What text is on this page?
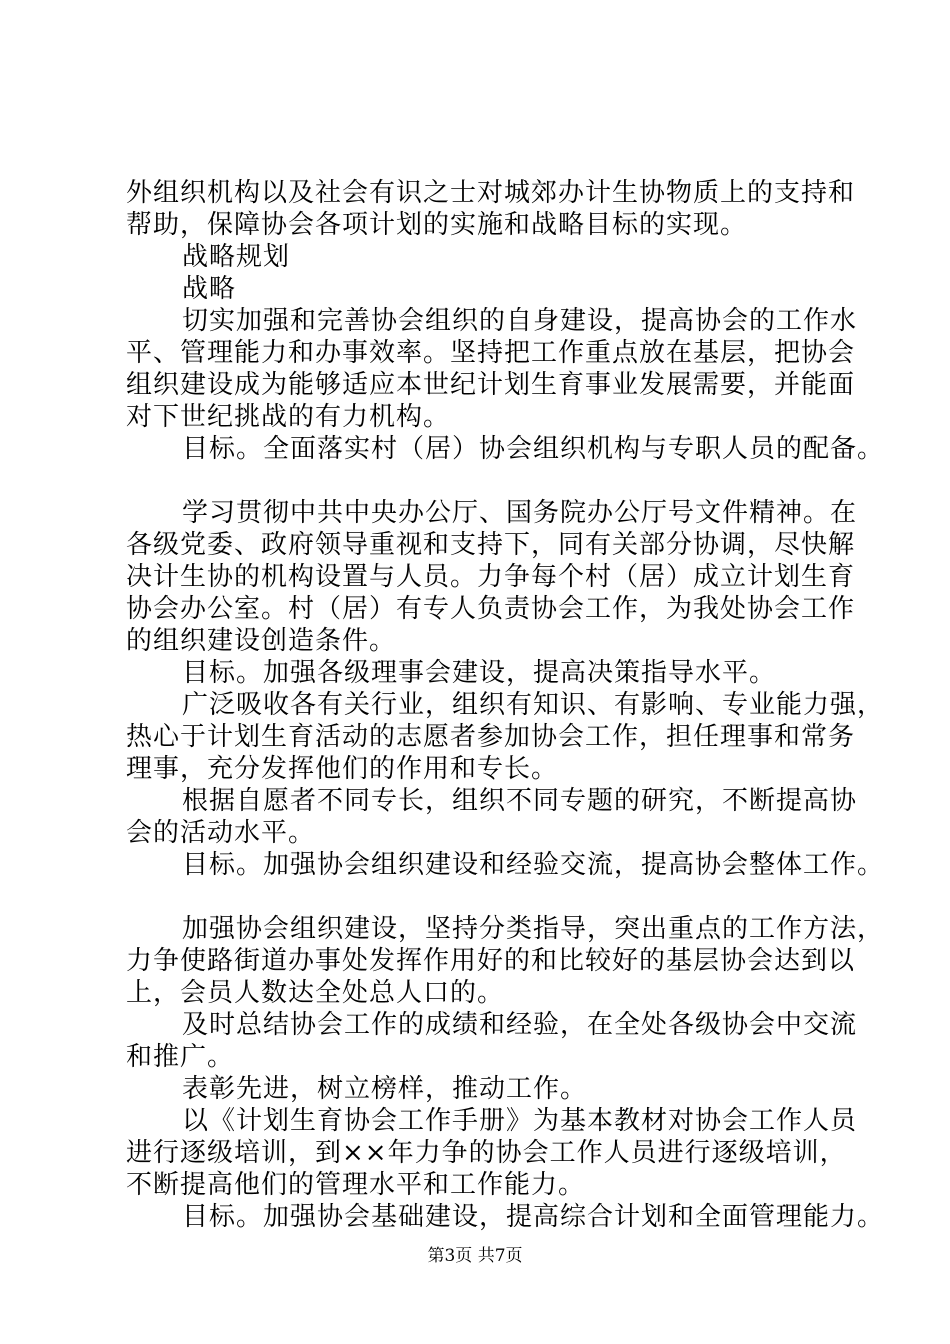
外组织机构以及社会有识之士对城郊办计生协物质上的支持和
帮助，保障协会各项计划的实施和战略目标的实现。
战略规划
战略
切实加强和完善协会组织的自身建设，提高协会的工作水
平、管理能力和办事效率。坚持把工作重点放在基层，把协会
组织建设成为能够适应本世纪计划生育事业发展需要，并能面
对下世纪挑战的有力机构。
目标。全面落实村（居）协会组织机构与专职人员的配备。
学习贯彻中共中央办公厅、国务院办公厅号文件精神。在
各级党委、政府领导重视和支持下，同有关部分协调，尽快解
决计生协的机构设置与人员。力争每个村（居）成立计划生育
协会办公室。村（居）有专人负责协会工作，为我处协会工作
的组织建设创造条件。
目标。加强各级理事会建设，提高决策指导水平。
广泛吸收各有关行业，组织有知识、有影响、专业能力强，
热心于计划生育活动的志愿者参加协会工作，担任理事和常务
理事，充分发挥他们的作用和专长。
根据自愿者不同专长，组织不同专题的研究，不断提高协
会的活动水平。
目标。加强协会组织建设和经验交流，提高协会整体工作。
加强协会组织建设，坚持分类指导，突出重点的工作方法，
力争使路街道办事处发挥作用好的和比较好的基层协会达到以
上，会员人数达全处总人口的。
及时总结协会工作的成绩和经验，在全处各级协会中交流
和推广。
表彰先进，树立榜样，推动工作。
以《计划生育协会工作手册》为基本教材对协会工作人员
进行逐级培训，到××年力争的协会工作人员进行逐级培训，
不断提高他们的管理水平和工作能力。
目标。加强协会基础建设，提高综合计划和全面管理能力。
第3页 共7页
